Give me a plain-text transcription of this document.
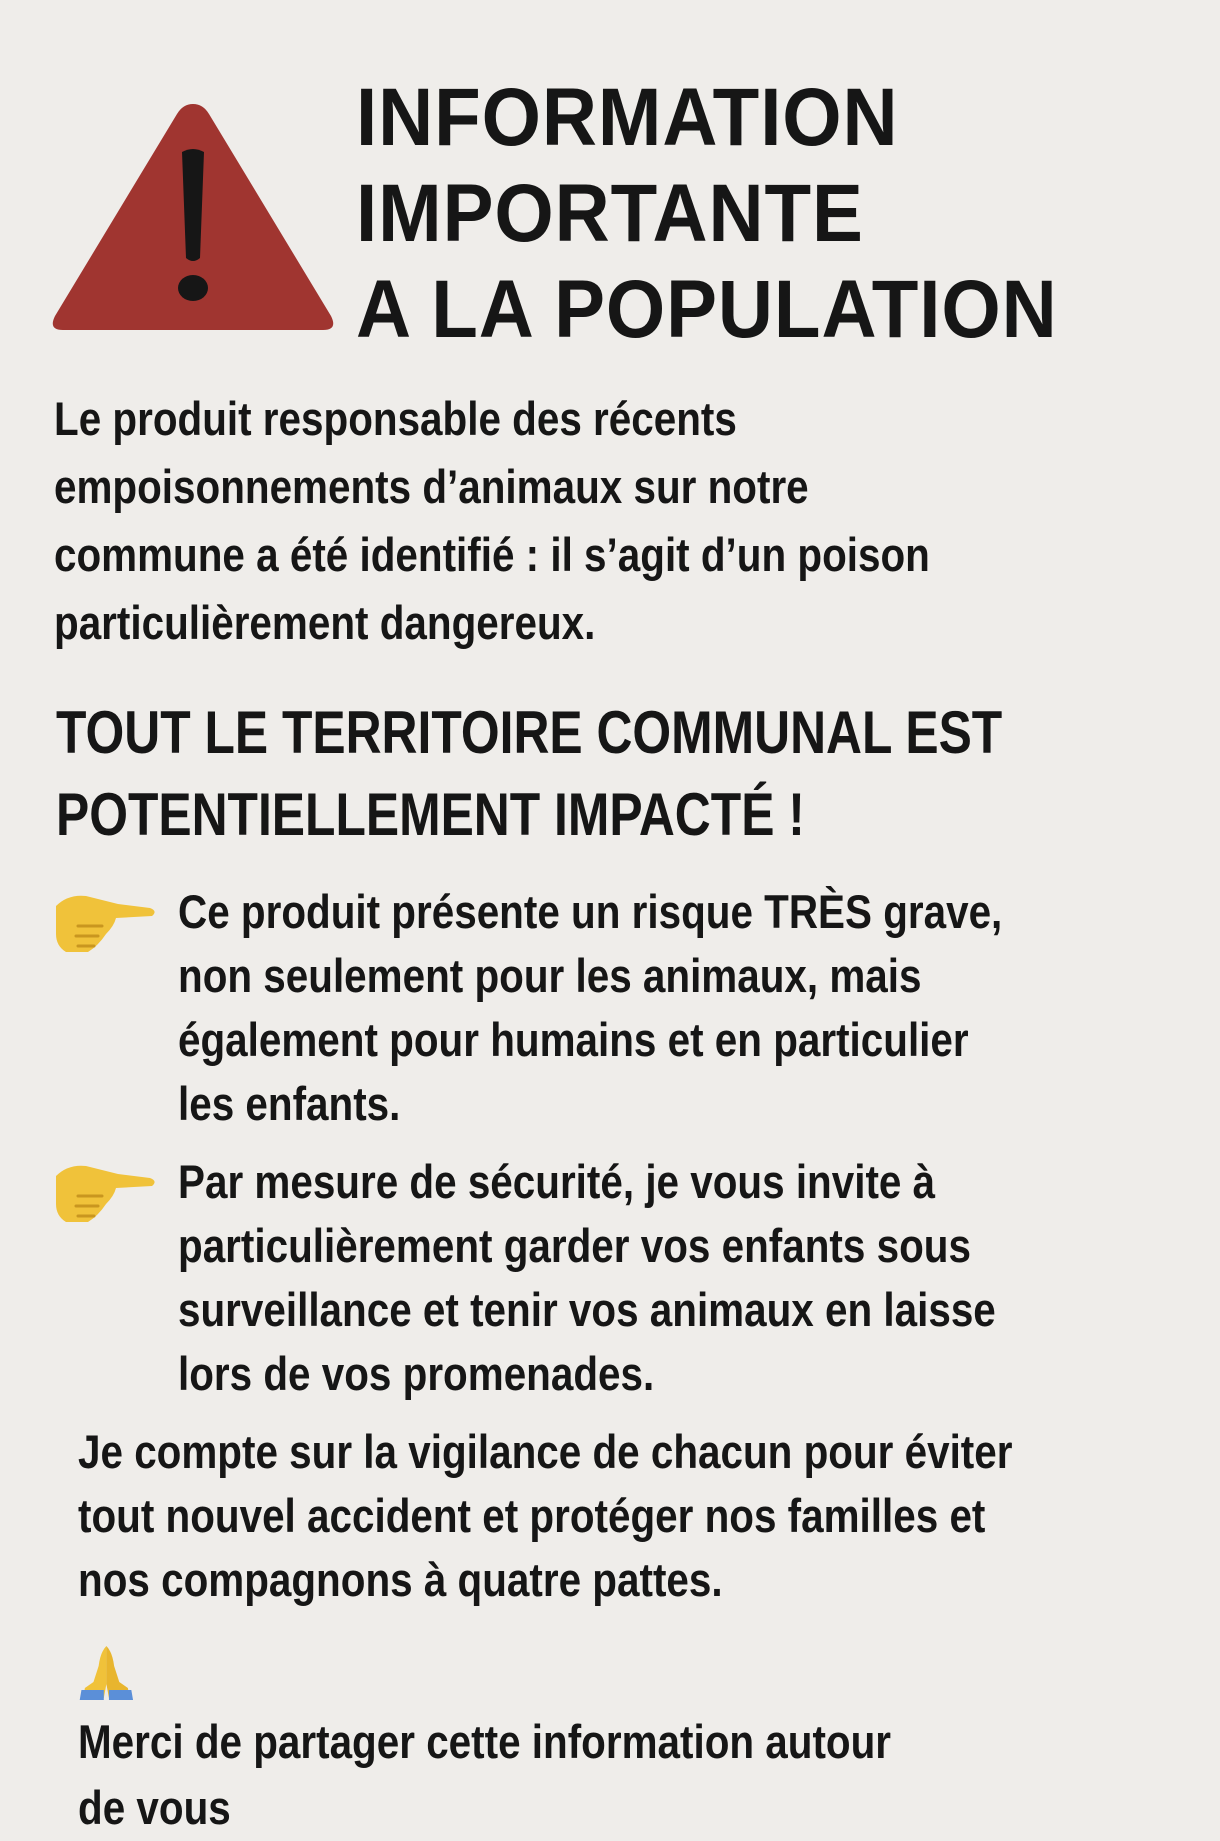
INFORMATION
IMPORTANTE
A LA POPULATION
Le produit responsable des récents
empoisonnements d’animaux sur notre
commune a été identifié : il s’agit d’un poison
particulièrement dangereux.
TOUT LE TERRITOIRE COMMUNAL EST
POTENTIELLEMENT IMPACTÉ !
Ce produit présente un risque TRÈS grave,
non seulement pour les animaux, mais
également pour humains et en particulier
les enfants.
Par mesure de sécurité, je vous invite à
particulièrement garder vos enfants sous
surveillance et tenir vos animaux en laisse
lors de vos promenades.
Je compte sur la vigilance de chacun pour éviter
tout nouvel accident et protéger nos familles et
nos compagnons à quatre pattes.
Merci de partager cette information autour
de vous
